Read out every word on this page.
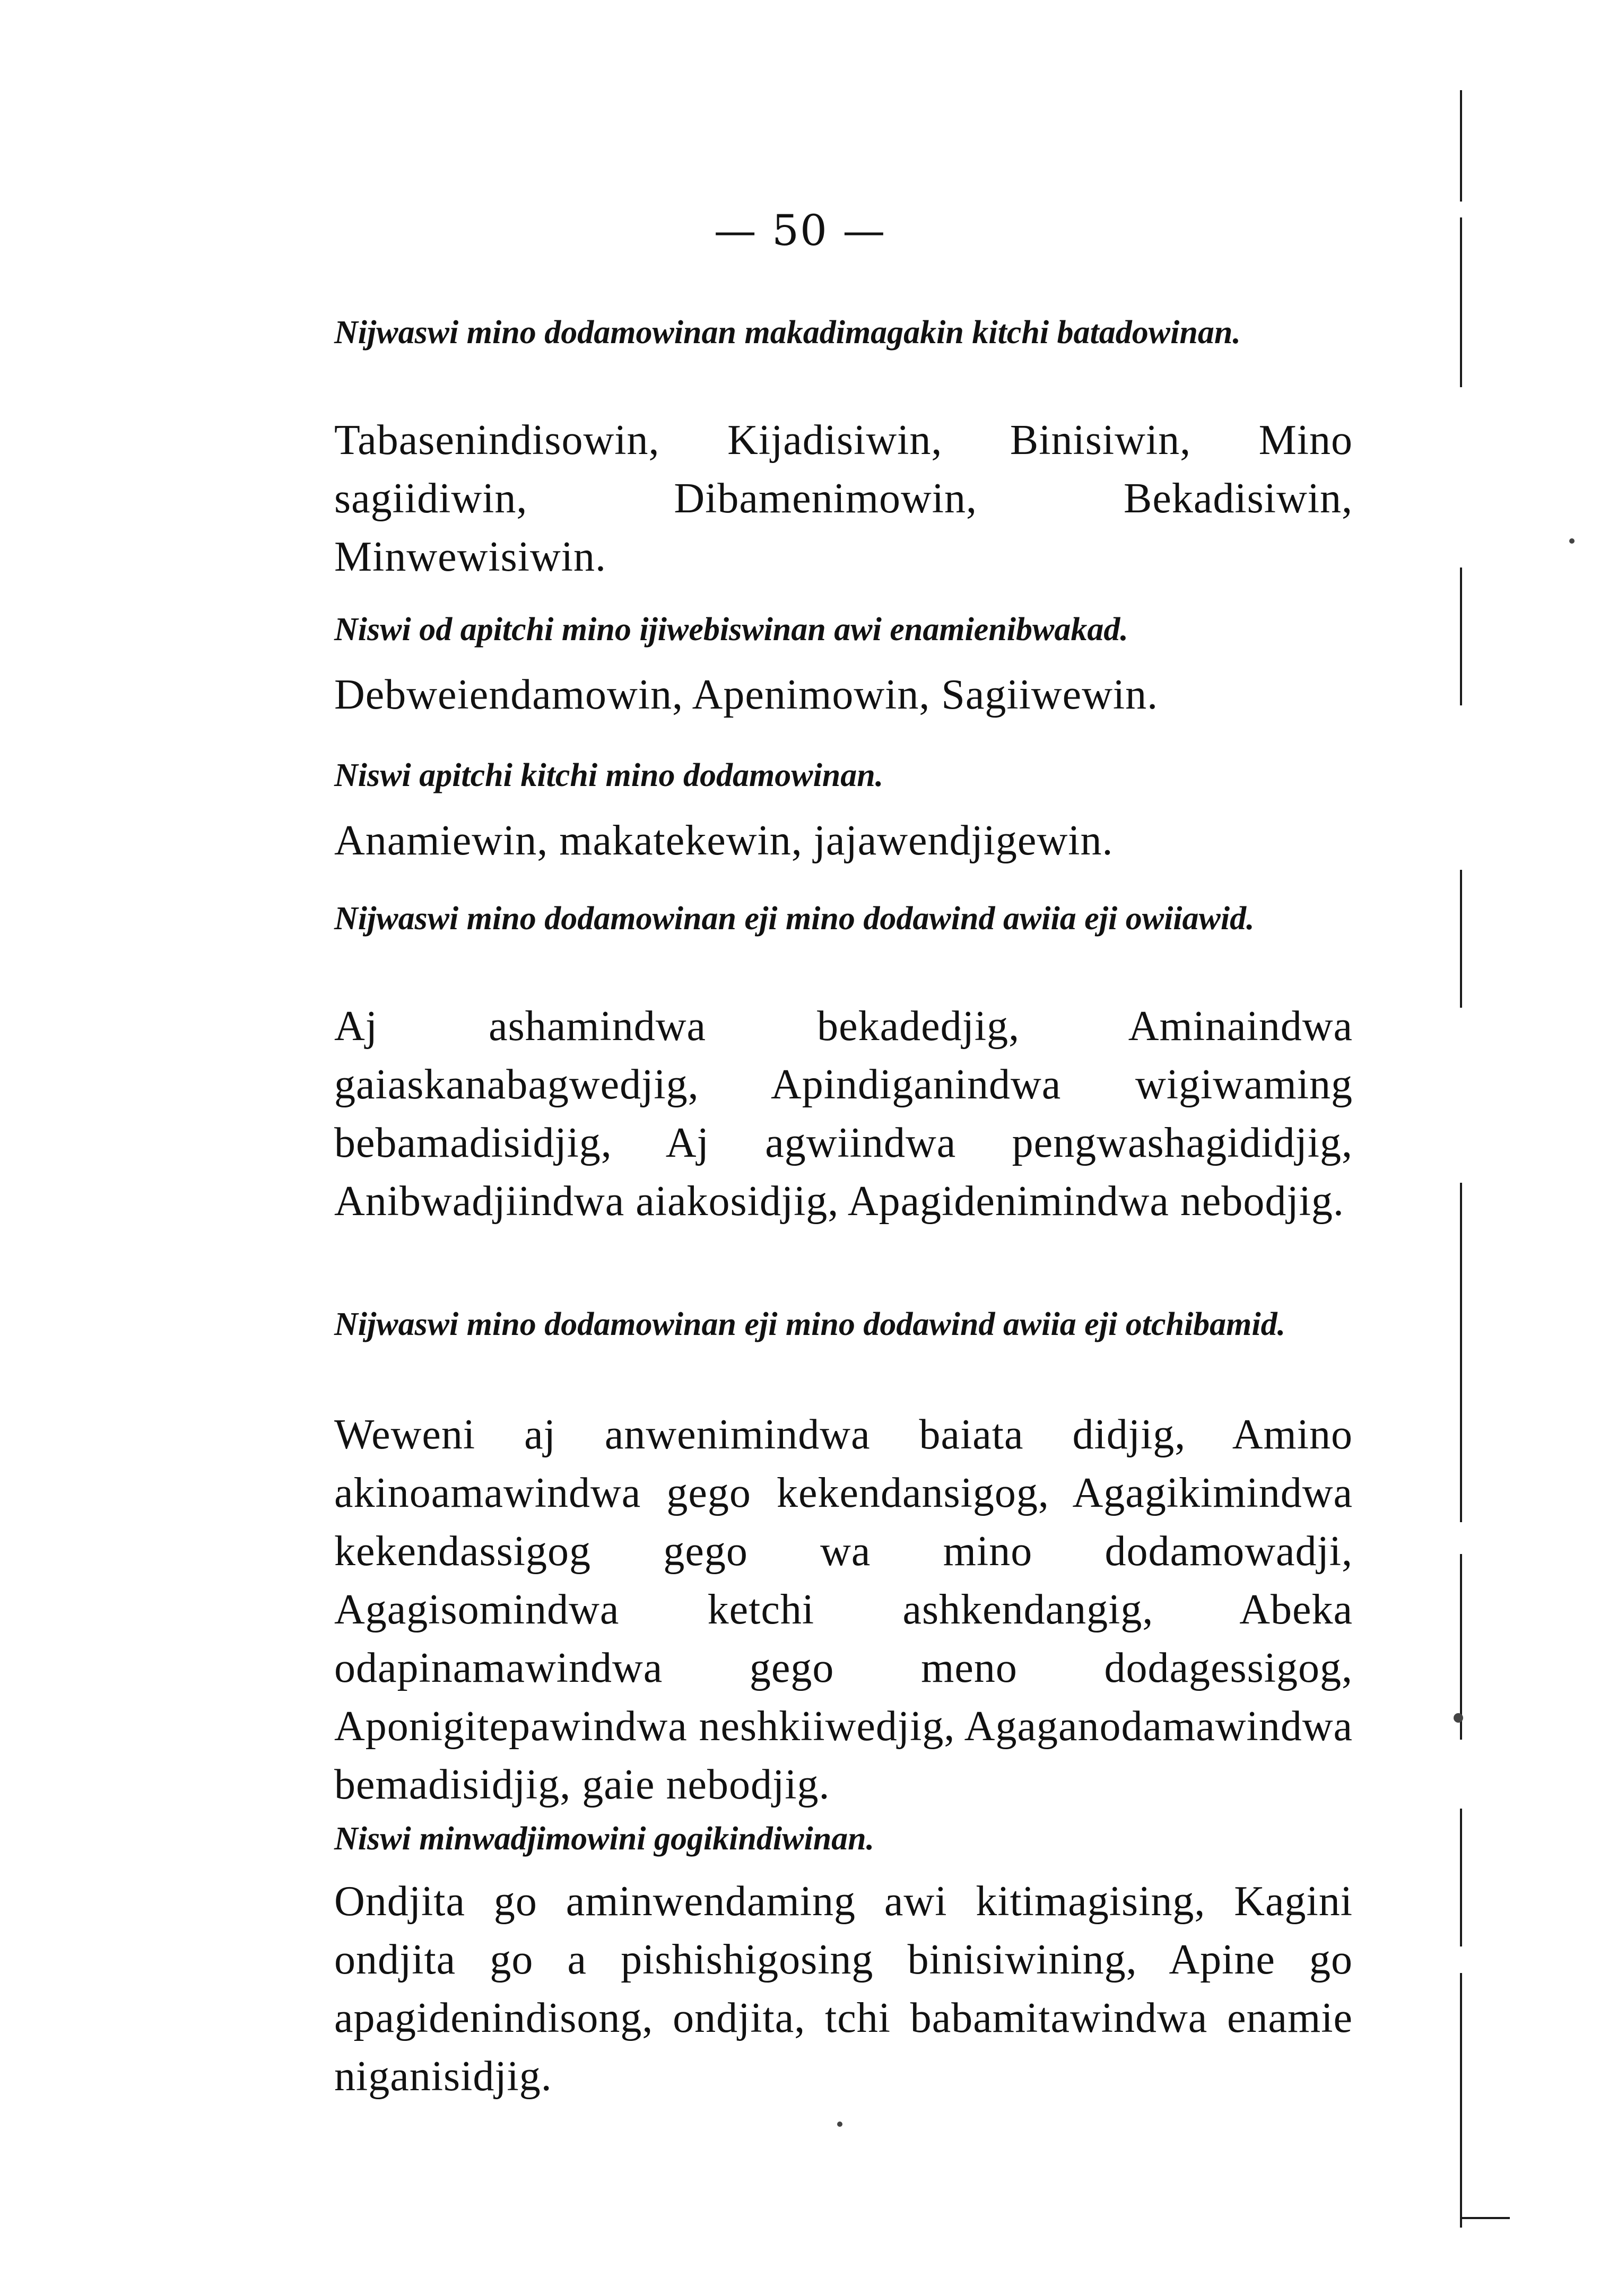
— 50 —

Nijwaswi mino dodamowinan makadimagakin kitchi batadowinan.

Tabasenindisowin, Kijadisiwin, Binisiwin, Mino sagiidiwin, Dibamenimowin, Bekadisiwin, Minwewisiwin.

Niswi od apitchi mino ijiwebiswinan awi enamienibwakad.

Debweiendamowin, Apenimowin, Sagiiwewin.

Niswi apitchi kitchi mino dodamowinan.

Anamiewin, makatekewin, jajawendjigewin.

Nijwaswi mino dodamowinan eji mino dodawind awiia eji owiiawid.

Aj ashamindwa bekadedjig, Aminaindwa gaiaskanabagwedjig, Apindiganindwa wigiwaming bebamadisidjig, Aj agwiindwa pengwashagididjig, Anibwadjiindwa aiakosidjig, Apagidenimindwa nebodjig.

Nijwaswi mino dodamowinan eji mino dodawind awiia eji otchibamid.

Weweni aj anwenimindwa baiata didjig, Amino akinoamawindwa gego kekendansigog, Agagikimindwa kekendassigog gego wa mino dodamowadji, Agagisomindwa ketchi ashkendangig, Abeka odapinamawindwa gego meno dodagessigog, Aponigitepawindwa neshkiiwedjig, Agaganodamawindwa bemadisidjig, gaie nebodjig.

Niswi minwadjimowini gogikindiwinan.

Ondjita go aminwendaming awi kitimagising, Kagini ondjita go a pishishigosing binisiwining, Apine go apagidenindisong, ondjita, tchi babamitawindwa enamie niganisidjig.
